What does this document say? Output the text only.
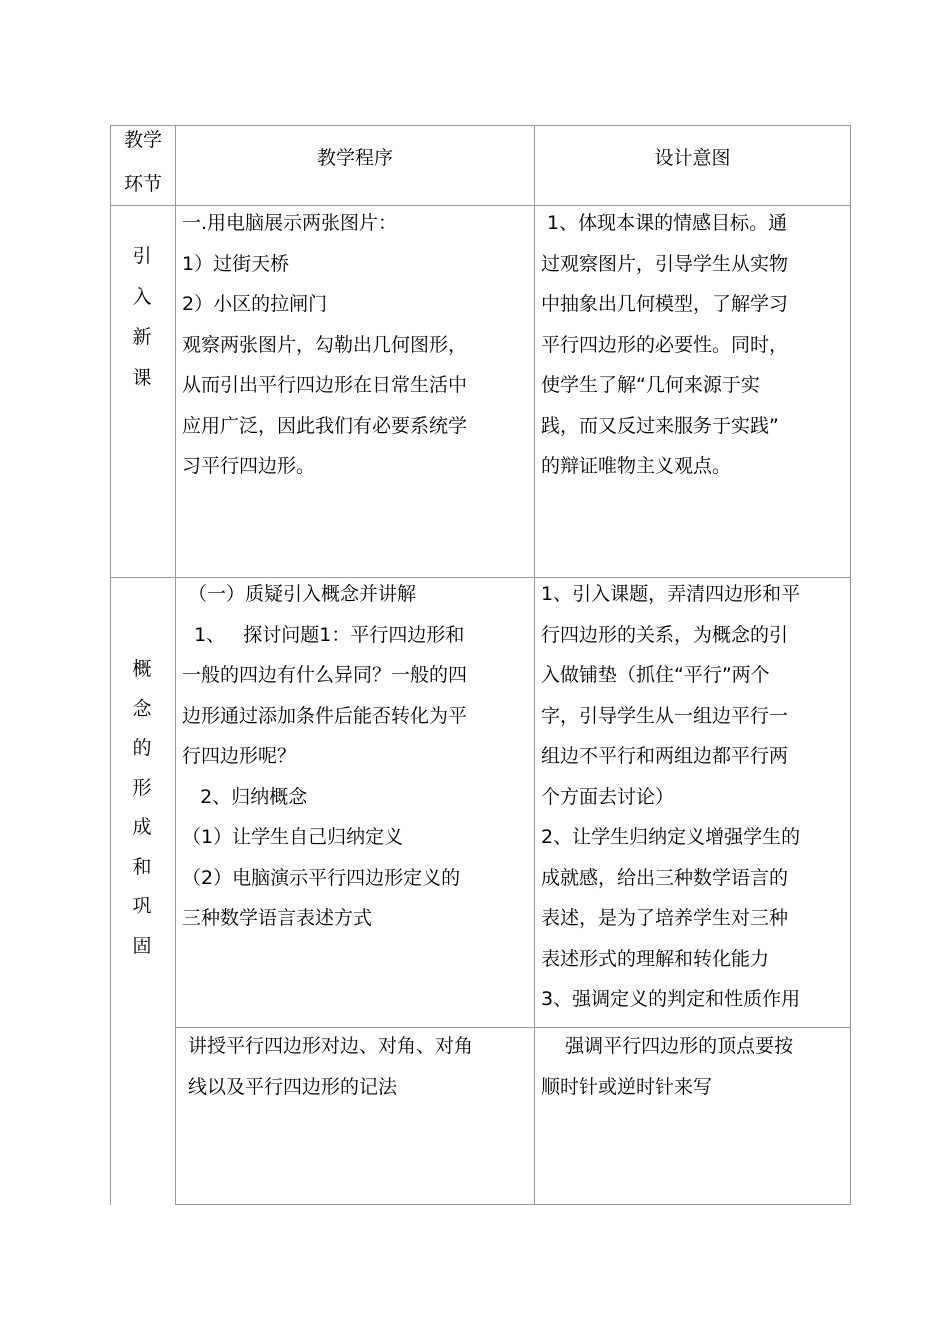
教学
环节
教学程序	设计意图
引
入
新
课

一.用电脑展示两张图片：

1）过街天桥

2）小区的拉闸门

观察两张图片，勾勒出几何图形，

从而引出平行四边形在日常生活中

应用广泛，因此我们有必要系统学

习平行四边形。

1、体现本课的情感目标。通

过观察图片，引导学生从实物

中抽象出几何模型，了解学习

平行四边形的必要性。同时，

使学生了解“几何来源于实

践，而又反过来服务于实践”

的辩证唯物主义观点。

概
念
的
形
成
和
巩
固

（一）质疑引入概念并讲解

1、   探讨问题1：平行四边形和

一般的四边有什么异同？一般的四

边形通过添加条件后能否转化为平

行四边形呢？

2、归纳概念

（1）让学生自己归纳定义

（2）电脑演示平行四边形定义的

三种数学语言表述方式

1、引入课题，弄清四边形和平

行四边形的关系，为概念的引

入做铺垫（抓住“平行”两个

字，引导学生从一组边平行一

组边不平行和两组边都平行两

个方面去讨论）

2、让学生归纳定义增强学生的

成就感，给出三种数学语言的

表述，是为了培养学生对三种

表述形式的理解和转化能力

3、强调定义的判定和性质作用

讲授平行四边形对边、对角、对角

线以及平行四边形的记法

强调平行四边形的顶点要按

顺时针或逆时针来写
